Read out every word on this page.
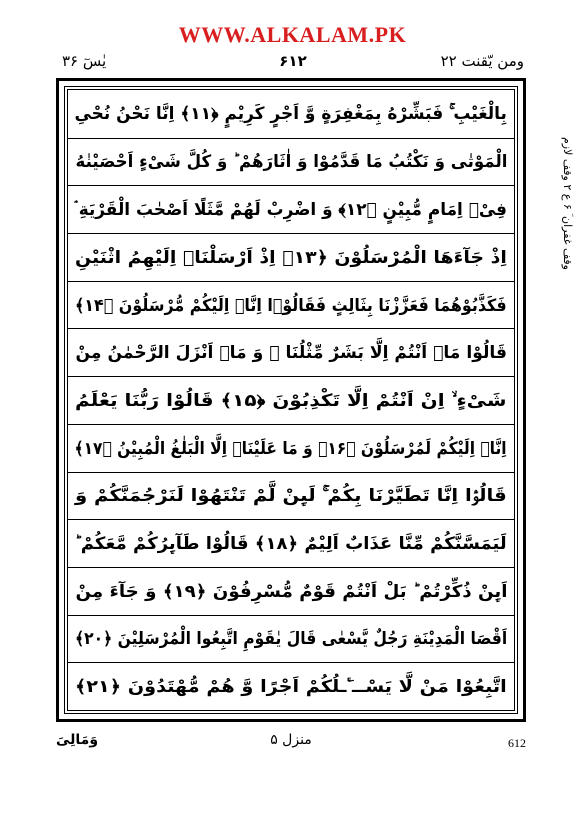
WWW.ALKALAM.PK
ومن یّقنت ۲۲
۶۱۲
یٰسٓ ۳۶
بِالْغَیْبِ ۚ فَبَشِّرْهُ بِمَغْفِرَةٍ وَّ اَجْرٍ كَرِیْمٍ ﴿۱۱﴾ اِنَّا نَحْنُ نُحْیِ
الْمَوْتٰى وَ نَكْتُبُ مَا قَدَّمُوْا وَ اٰثَارَهُمْ ؕ وَ كُلَّ شَیْءٍ اَحْصَیْنٰهُ
فِیْۤ اِمَامٍ مُّبِیْنٍ ﴿۱۲﴾ وَ اضْرِبْ لَهُمْ مَّثَلًا اَصْحٰبَ الْقَرْیَةِ ۘ
اِذْ جَآءَهَا الْمُرْسَلُوْنَ ﴿۱۳﴾ اِذْ اَرْسَلْنَاۤ اِلَیْهِمُ اثْنَیْنِ
فَكَذَّبُوْهُمَا فَعَزَّزْنَا بِثَالِثٍ فَقَالُوْۤا اِنَّاۤ اِلَیْكُمْ مُّرْسَلُوْنَ ﴿۱۴﴾
قَالُوْا مَاۤ اَنْتُمْ اِلَّا بَشَرٌ مِّثْلُنَا ۙ وَ مَاۤ اَنْزَلَ الرَّحْمٰنُ مِنْ
شَیْءٍ ۙ اِنْ اَنْتُمْ اِلَّا تَكْذِبُوْنَ ﴿۱۵﴾ قَالُوْا رَبُّنَا یَعْلَمُ
اِنَّاۤ اِلَیْكُمْ لَمُرْسَلُوْنَ ﴿۱۶﴾ وَ مَا عَلَیْنَاۤ اِلَّا الْبَلٰغُ الْمُبِیْنُ ﴿۱۷﴾
قَالُوْۤا اِنَّا تَطَیَّرْنَا بِكُمْ ۚ لَىِٕنْ لَّمْ تَنْتَهُوْا لَنَرْجُمَنَّكُمْ وَ
لَیَمَسَّنَّكُمْ مِّنَّا عَذَابٌ اَلِیْمٌ ﴿۱۸﴾ قَالُوْا طَآىِٕرُكُمْ مَّعَكُمْ ؕ
اَىِٕنْ ذُكِّرْتُمْ ؕ بَلْ اَنْتُمْ قَوْمٌ مُّسْرِفُوْنَ ﴿۱۹﴾ وَ جَآءَ مِنْ
اَقْصَا الْمَدِیْنَةِ رَجُلٌ یَّسْعٰى قَالَ یٰقَوْمِ اتَّبِعُوا الْمُرْسَلِیْنَ ﴿۲۰﴾
اتَّبِعُوْا مَنْ لَّا یَسْــٴَـلُكُمْ اَجْرًا وَّ هُمْ مُّهْتَدُوْنَ ﴿۲۱﴾
وقف غفران ؔ ۶ ع ۲ وقف لازم
وَمَالِیَ	منزل ۵	612
